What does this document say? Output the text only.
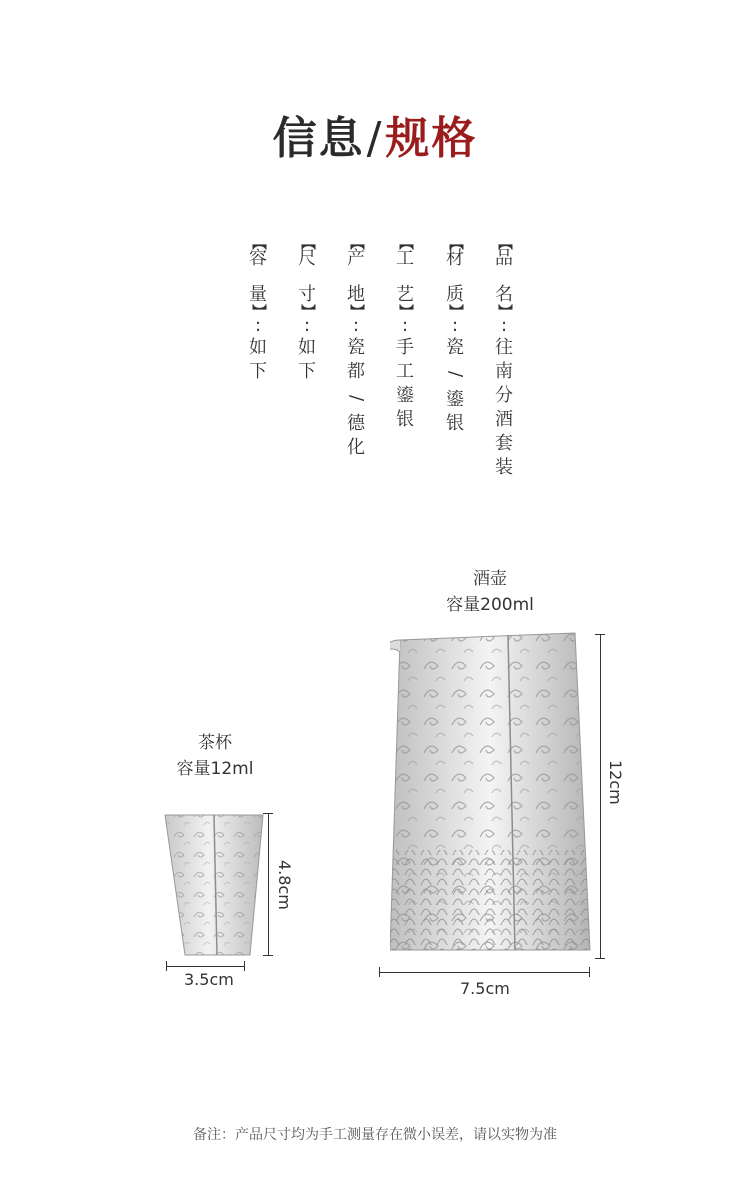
信息/规格
【
品
名
】
:
往
南
分
酒
套
装
【
材
质
】
:
瓷
/
鎏
银
【
工
艺
】
:
手
工
鎏
银
【
产
地
】
:
瓷
都
/
德
化
【
尺
寸
】
:
如
下
【
容
量
】
:
如
下
茶杯
容量12ml
酒壶
容量200ml
4.8cm
3.5cm
12cm
7.5cm
备注：产品尺寸均为手工测量存在微小误差，请以实物为准
